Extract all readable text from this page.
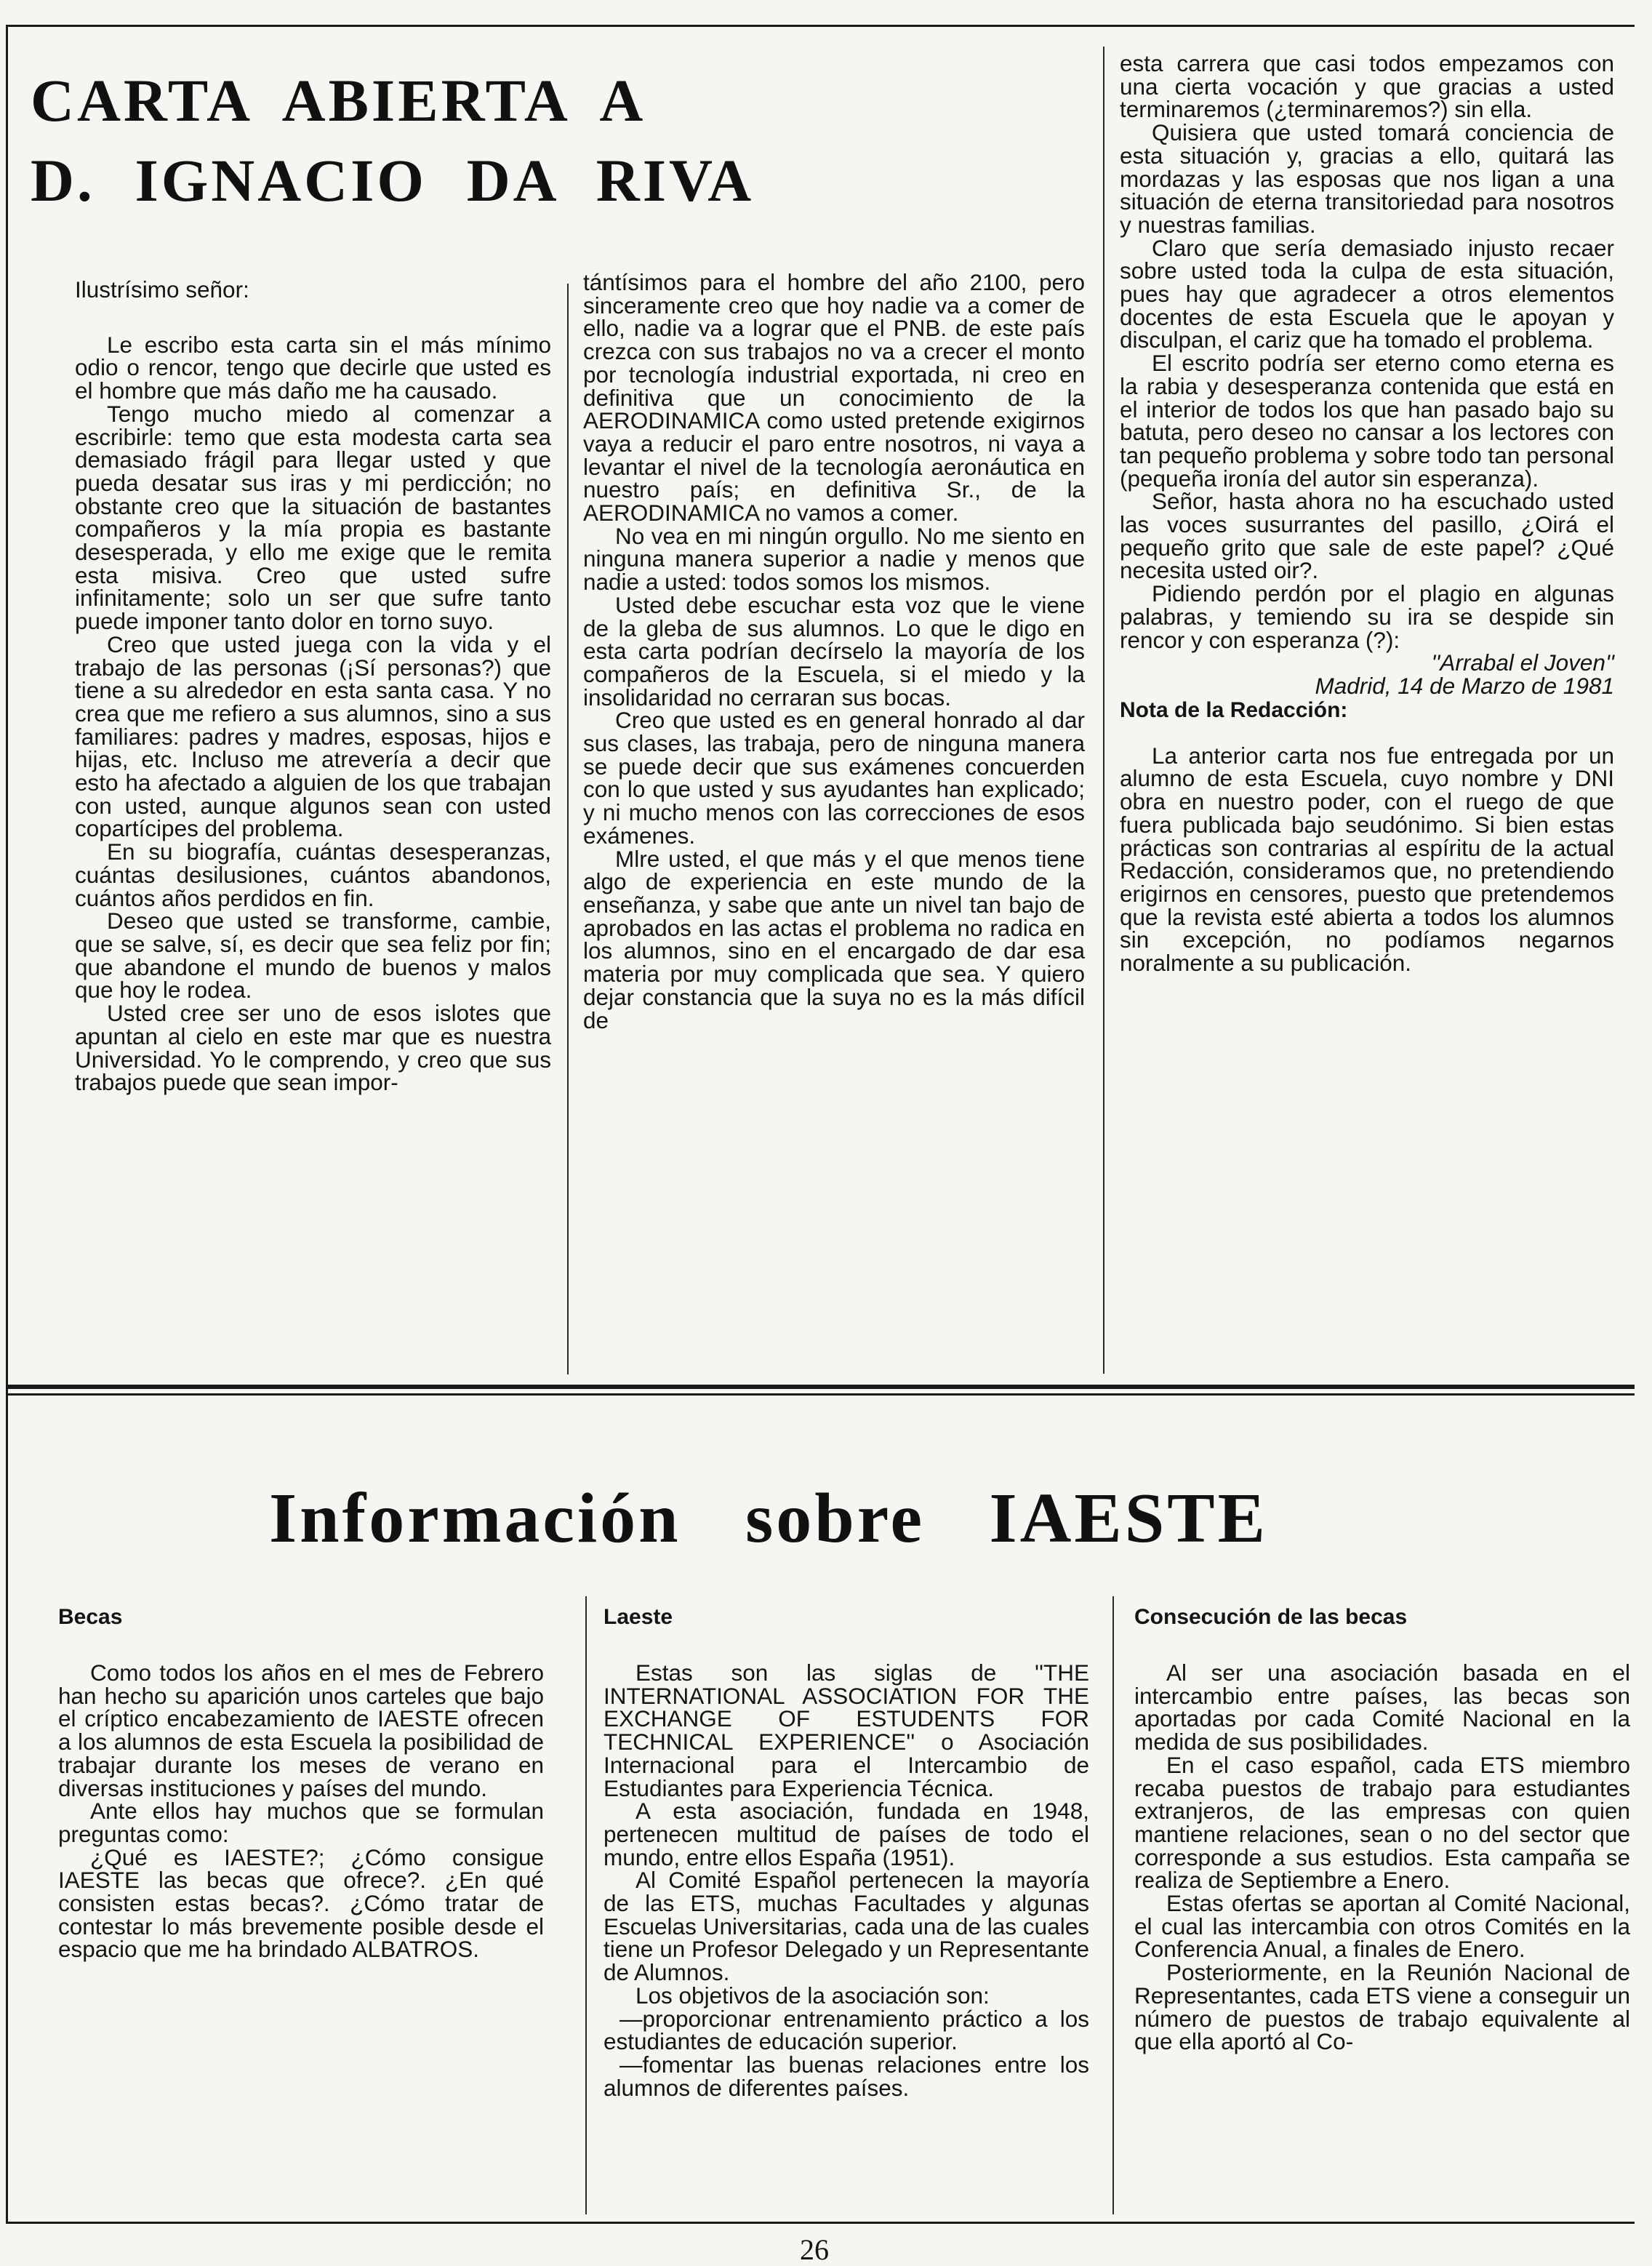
CARTA ABIERTA A
D. IGNACIO DA RIVA

Ilustrísimo señor:

Le escribo esta carta sin el más mínimo odio o rencor, tengo que decirle que usted es el hombre que más daño me ha causado.

Tengo mucho miedo al comenzar a escribirle: temo que esta modesta carta sea demasiado frágil para llegar usted y que pueda desatar sus iras y mi perdicción; no obstante creo que la situación de bastantes compañeros y la mía propia es bastante desesperada, y ello me exige que le remita esta misiva. Creo que usted sufre infinitamente; solo un ser que sufre tanto puede imponer tanto dolor en torno suyo.

Creo que usted juega con la vida y el trabajo de las personas (¡Sí personas?) que tiene a su alrededor en esta santa casa. Y no crea que me refiero a sus alumnos, sino a sus familiares: padres y madres, esposas, hijos e hijas, etc. Incluso me atrevería a decir que esto ha afectado a alguien de los que trabajan con usted, aunque algunos sean con usted copartícipes del problema.

En su biografía, cuántas desesperanzas, cuántas desilusiones, cuántos abandonos, cuántos años perdidos en fin.

Deseo que usted se transforme, cambie, que se salve, sí, es decir que sea feliz por fin; que abandone el mundo de buenos y malos que hoy le rodea.

Usted cree ser uno de esos islotes que apuntan al cielo en este mar que es nuestra Universidad. Yo le comprendo, y creo que sus trabajos puede que sean impor-

tántísimos para el hombre del año 2100, pero sinceramente creo que hoy nadie va a comer de ello, nadie va a lograr que el PNB. de este país crezca con sus trabajos no va a crecer el monto por tecnología industrial exportada, ni creo en definitiva que un conocimiento de la AERODINAMICA como usted pretende exigirnos vaya a reducir el paro entre nosotros, ni vaya a levantar el nivel de la tecnología aeronáutica en nuestro país; en definitiva Sr., de la AERODINAMICA no vamos a comer.

No vea en mi ningún orgullo. No me siento en ninguna manera superior a nadie y menos que nadie a usted: todos somos los mismos.

Usted debe escuchar esta voz que le viene de la gleba de sus alumnos. Lo que le digo en esta carta podrían decírselo la mayoría de los compañeros de la Escuela, si el miedo y la insolidaridad no cerraran sus bocas.

Creo que usted es en general honrado al dar sus clases, las trabaja, pero de ninguna manera se puede decir que sus exámenes concuerden con lo que usted y sus ayudantes han explicado; y ni mucho menos con las correcciones de esos exámenes.

Mlre usted, el que más y el que menos tiene algo de experiencia en este mundo de la enseñanza, y sabe que ante un nivel tan bajo de aprobados en las actas el problema no radica en los alumnos, sino en el encargado de dar esa materia por muy complicada que sea. Y quiero dejar constancia que la suya no es la más difícil de

esta carrera que casi todos empezamos con una cierta vocación y que gracias a usted terminaremos (¿terminaremos?) sin ella.

Quisiera que usted tomará conciencia de esta situación y, gracias a ello, quitará las mordazas y las esposas que nos ligan a una situación de eterna transitoriedad para nosotros y nuestras familias.

Claro que sería demasiado injusto recaer sobre usted toda la culpa de esta situación, pues hay que agradecer a otros elementos docentes de esta Escuela que le apoyan y disculpan, el cariz que ha tomado el problema.

El escrito podría ser eterno como eterna es la rabia y desesperanza contenida que está en el interior de todos los que han pasado bajo su batuta, pero deseo no cansar a los lectores con tan pequeño problema y sobre todo tan personal (pequeña ironía del autor sin esperanza).

Señor, hasta ahora no ha escuchado usted las voces susurrantes del pasillo, ¿Oirá el pequeño grito que sale de este papel? ¿Qué necesita usted oir?.

Pidiendo perdón por el plagio en algunas palabras, y temiendo su ira se despide sin rencor y con esperanza (?):

''Arrabal el Joven''

Madrid, 14 de Marzo de 1981

Nota de la Redacción:

La anterior carta nos fue entregada por un alumno de esta Escuela, cuyo nombre y DNI obra en nuestro poder, con el ruego de que fuera publicada bajo seudónimo. Si bien estas prácticas son contrarias al espíritu de la actual Redacción, consideramos que, no pretendiendo erigirnos en censores, puesto que pretendemos que la revista esté abierta a todos los alumnos sin excepción, no podíamos negarnos noralmente a su publicación.

Información sobre IAESTE
Becas

Como todos los años en el mes de Febrero han hecho su aparición unos carteles que bajo el críptico encabezamiento de IAESTE ofrecen a los alumnos de esta Escuela la posibilidad de trabajar durante los meses de verano en diversas instituciones y países del mundo.

Ante ellos hay muchos que se formulan preguntas como:

¿Qué es IAESTE?; ¿Cómo consigue IAESTE las becas que ofrece?. ¿En qué consisten estas becas?. ¿Cómo tratar de contestar lo más brevemente posible desde el espacio que me ha brindado ALBATROS.

Laeste

Estas son las siglas de ''THE INTERNATIONAL ASSOCIATION FOR THE EXCHANGE OF ESTUDENTS FOR TECHNICAL EXPERIENCE'' o Asociación Internacional para el Intercambio de Estudiantes para Experiencia Técnica.

A esta asociación, fundada en 1948, pertenecen multitud de países de todo el mundo, entre ellos España (1951).

Al Comité Español pertenecen la mayoría de las ETS, muchas Facultades y algunas Escuelas Universitarias, cada una de las cuales tiene un Profesor Delegado y un Representante de Alumnos.

Los objetivos de la asociación son:

—proporcionar entrenamiento práctico a los estudiantes de educación superior.

—fomentar las buenas relaciones entre los alumnos de diferentes países.

Consecución de las becas

Al ser una asociación basada en el intercambio entre países, las becas son aportadas por cada Comité Nacional en la medida de sus posibilidades.

En el caso español, cada ETS miembro recaba puestos de trabajo para estudiantes extranjeros, de las empresas con quien mantiene relaciones, sean o no del sector que corresponde a sus estudios. Esta campaña se realiza de Septiembre a Enero.

Estas ofertas se aportan al Comité Nacional, el cual las intercambia con otros Comités en la Conferencia Anual, a finales de Enero.

Posteriormente, en la Reunión Nacional de Representantes, cada ETS viene a conseguir un número de puestos de trabajo equivalente al que ella aportó al Co-

26
